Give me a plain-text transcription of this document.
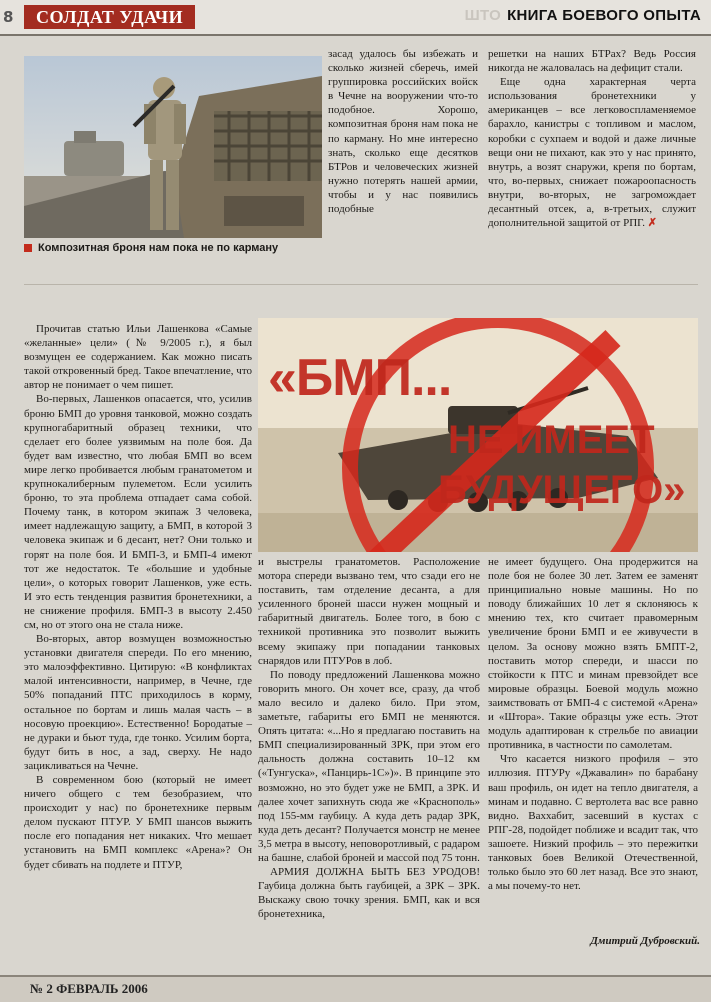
8	СОЛДАТ УДАЧИ	ШТО КНИГА БОЕВОГО ОПЫТА
Композитная броня нам пока не по карману

засад удалось бы избежать и сколько жизней сберечь, имей группировка российских войск в Чечне на вооружении что-то подобное. Хорошо, композитная броня нам пока не по карману. Но мне интересно знать, сколько еще десятков БТРов и человеческих жизней нужно потерять нашей армии, чтобы и у нас появились подобные

решетки на наших БТРах? Ведь Россия никогда не жаловалась на дефицит стали.

Еще одна характерная черта использования бронетехники у американцев – все легковоспламеняемое барахло, канистры с топливом и маслом, коробки с сухпаем и водой и даже личные вещи они не пихают, как это у нас принято, внутрь, а возят снаружи, крепя по бортам, что, во-первых, снижает пожароопасность внутри, во-вторых, не загромождает десантный отсек, а, в-третьих, служит дополнительной защитой от РПГ. ✗

«БМП...
НЕ ИМЕЕТ
БУДУЩЕГО»

Прочитав статью Ильи Лашенкова «Самые «желанные» цели» (№ 9/2005 г.), я был возмущен ее содержанием. Как можно писать такой откровенный бред. Такое впечатление, что автор не понимает о чем пишет.

Во-первых, Лашенков опасается, что, усилив броню БМП до уровня танковой, можно создать крупногабаритный образец техники, что сделает его более уязвимым на поле боя. Да будет вам известно, что любая БМП во всем мире легко пробивается любым гранатометом и крупнокалиберным пулеметом. Если усилить броню, то эта проблема отпадает сама собой. Почему танк, в котором экипаж 3 человека, имеет надлежащую защиту, а БМП, в которой 3 человека экипаж и 6 десант, нет? Они только и горят на поле боя. И БМП-3, и БМП-4 имеют тот же недостаток. Те «большие и удобные цели», о которых говорит Лашенков, уже есть. И это есть тенденция развития бронетехники, а не снижение профиля. БМП-3 в высоту 2.450 см, но от этого она не стала ниже.

Во-вторых, автор возмущен возможностью установки двигателя спереди. По его мнению, это малоэффективно. Цитирую: «В конфликтах малой интенсивности, например, в Чечне, где 50% попаданий ПТС приходилось в корму, остальное по бортам и лишь малая часть – в носовую проекцию». Естественно! Бородатые – не дураки и бьют туда, где тонко. Усилим борта, будут бить в нос, а зад, сверху. Не надо зацикливаться на Чечне.

В современном бою (который не имеет ничего общего с тем безобразием, что происходит у нас) по бронетехнике первым делом пускают ПТУР. У БМП шансов выжить после его попадания нет никаких. Что мешает установить на БМП комплекс «Арена»? Он будет сбивать на подлете и ПТУР,

и выстрелы гранатометов. Расположение мотора спереди вызвано тем, что сзади его не поставить, там отделение десанта, а для усиленного броней шасси нужен мощный и габаритный двигатель. Более того, в бою с техникой противника это позволит выжить всему экипажу при попадании танковых снарядов или ПТУРов в лоб.

По поводу предложений Лашенкова можно говорить много. Он хочет все, сразу, да чтоб мало весило и далеко било. При этом, заметьте, габариты его БМП не меняются. Опять цитата: «...Но я предлагаю поставить на БМП специализированный ЗРК, при этом его дальность должна составить 10–12 км («Тунгуска», «Панцирь-1С»)». В принципе это возможно, но это будет уже не БМП, а ЗРК. И далее хочет запихнуть сюда же «Краснополь» под 155-мм гаубицу. А куда деть радар ЗРК, куда деть десант? Получается монстр не менее 3,5 метра в высоту, неповоротливый, с радаром на башне, слабой броней и массой под 75 тонн.

АРМИЯ ДОЛЖНА БЫТЬ БЕЗ УРОДОВ! Гаубица должна быть гаубицей, а ЗРК – ЗРК. Выскажу свою точку зрения. БМП, как и вся бронетехника,

не имеет будущего. Она продержится на поле боя не более 30 лет. Затем ее заменят принципиально новые машины. Но по поводу ближайших 10 лет я склоняюсь к мнению тех, кто считает правомерным увеличение брони БМП и ее живучести в целом. За основу можно взять БМПТ-2, поставить мотор спереди, и шасси по стойкости к ПТС и минам превзойдет все мировые образцы. Боевой модуль можно заимствовать от БМП-4 с системой «Арена» и «Штора». Такие образцы уже есть. Этот модуль адаптирован к стрельбе по авиации противника, в частности по самолетам.

Что касается низкого профиля – это иллюзия. ПТУРу «Джавалин» по барабану ваш профиль, он идет на тепло двигателя, а минам и подавно. С вертолета вас все равно видно. Ваххабит, засевший в кустах с РПГ-28, подойдет поближе и всадит так, что зашоете. Низкий профиль – это пережитки танковых боев Великой Отечественной, только было это 60 лет назад. Все это знают, а мы почему-то нет.

Дмитрий Дубровский.
№ 2 ФЕВРАЛЬ 2006
